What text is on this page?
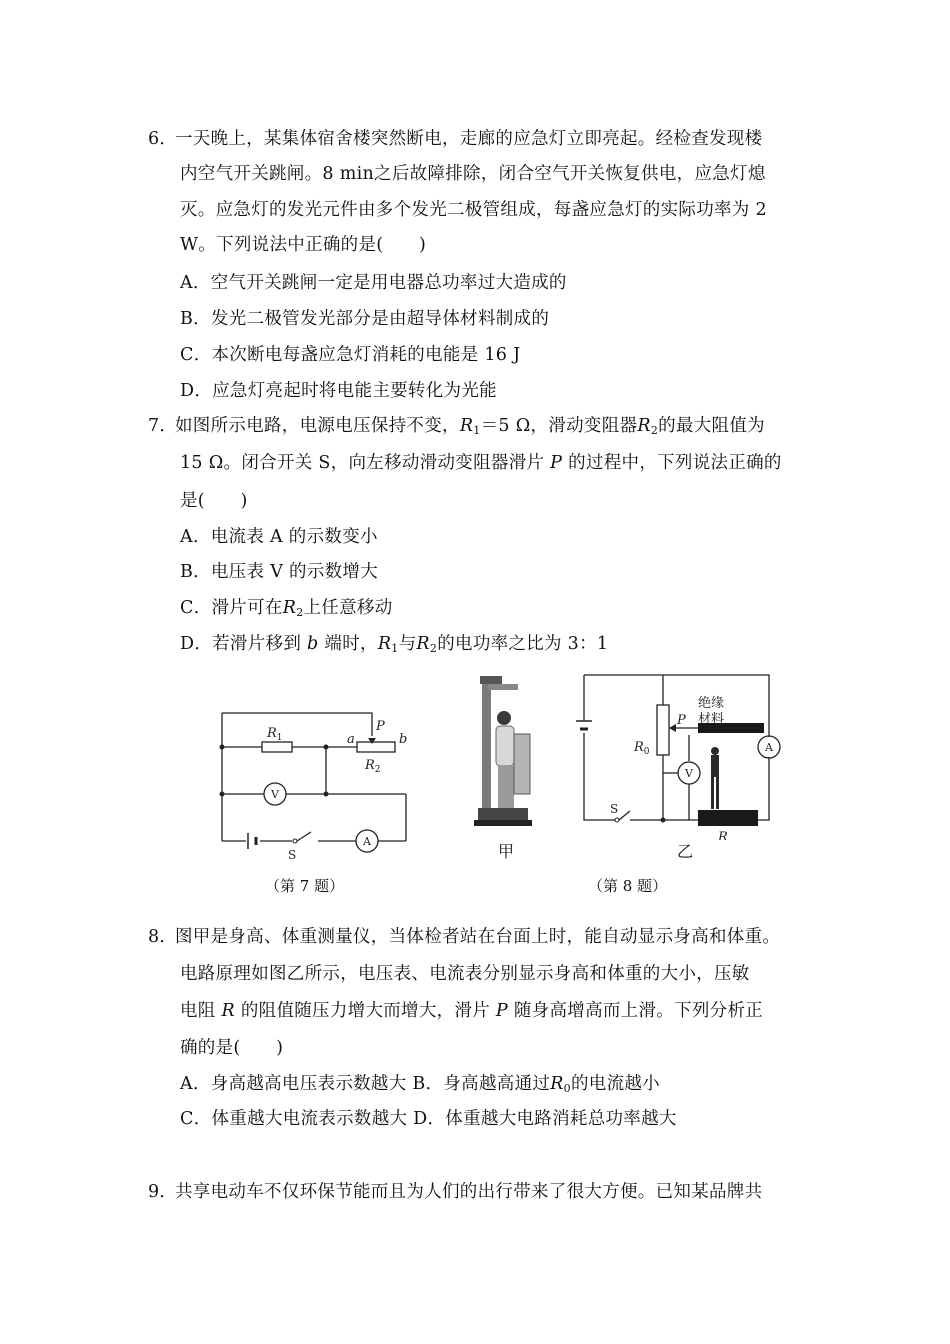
6．
一天晚上，某集体宿舍楼突然断电，走廊的应急灯立即亮起。经检查发现楼
内空气开关跳闸。8 min之后故障排除，闭合空气开关恢复供电，应急灯熄
灭。应急灯的发光元件由多个发光二极管组成，每盏应急灯的实际功率为 2
W。下列说法中正确的是(　　)
A．空气开关跳闸一定是用电器总功率过大造成的
B．发光二极管发光部分是由超导体材料制成的
C．本次断电每盏应急灯消耗的电能是 16 J
D．应急灯亮起时将电能主要转化为光能
7．
如图所示电路，电源电压保持不变，$R_1=5$ Ω，滑动变阻器$R_2$的最大阻值为
15 Ω。闭合开关 S，向左移动滑动变阻器滑片 P 的过程中，下列说法正确的
是(　　)
A．电流表 A 的示数变小
B．电压表 V 的示数增大
C．滑片可在$R_2$上任意移动
D．若滑片移到 b 端时，$R_1$与$R_2$的电功率之比为 3：1
$R_1$
P
a	b
$R_2$
V
A
S
（第 7 题）
甲
绝缘
材料
$R_0$
P
V
A
S
R
乙
（第 8 题）
8．
图甲是身高、体重测量仪，当体检者站在台面上时，能自动显示身高和体重。
电路原理如图乙所示，电压表、电流表分别显示身高和体重的大小，压敏
电阻 R 的阻值随压力增大而增大，滑片 P 随身高增高而上滑。下列分析正
确的是(　　)
A．身高越高电压表示数越大 B．身高越高通过$R_0$的电流越小
C．体重越大电流表示数越大 D．体重越大电路消耗总功率越大
9．
共享电动车不仅环保节能而且为人们的出行带来了很大方便。已知某品牌共
